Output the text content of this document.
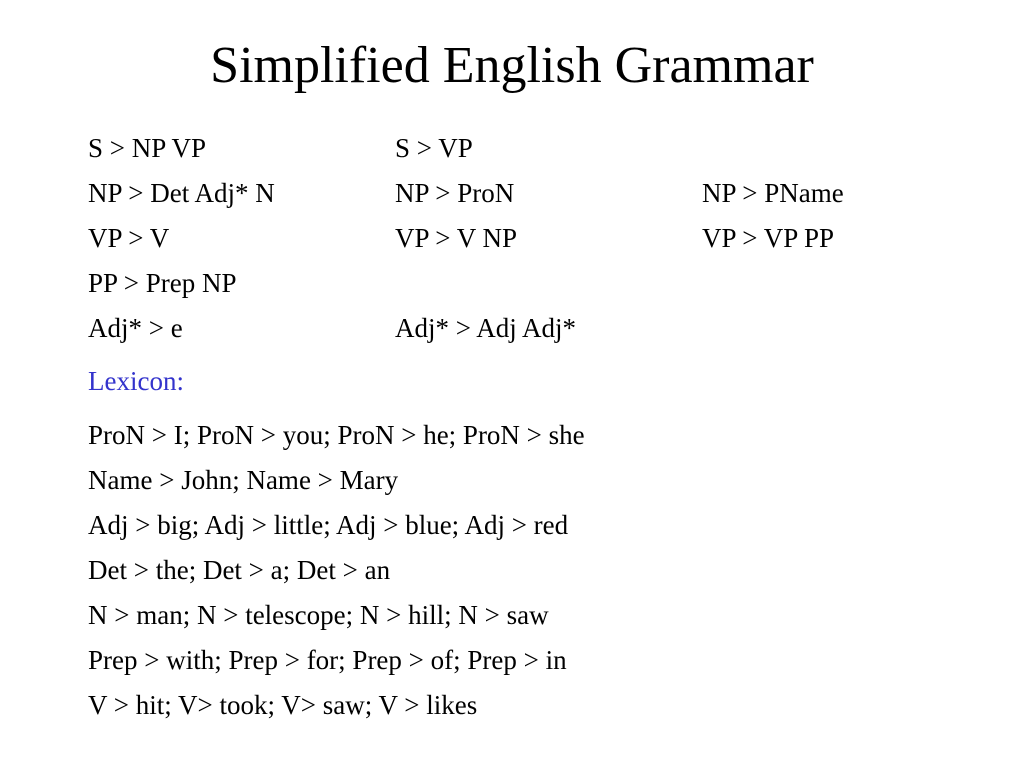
Simplified English Grammar
S > NP VP	S > VP
NP > Det Adj* N	NP > ProN	NP > PName
VP > V	VP > V NP	VP > VP PP
PP > Prep NP
Adj* > e	Adj* > Adj Adj*
Lexicon:
ProN > I; ProN > you; ProN > he; ProN > she
Name > John; Name > Mary
Adj > big; Adj > little; Adj > blue; Adj > red
Det > the; Det > a; Det > an
N > man; N > telescope; N > hill; N > saw
Prep > with; Prep > for; Prep > of; Prep > in
V > hit; V> took; V> saw; V > likes
